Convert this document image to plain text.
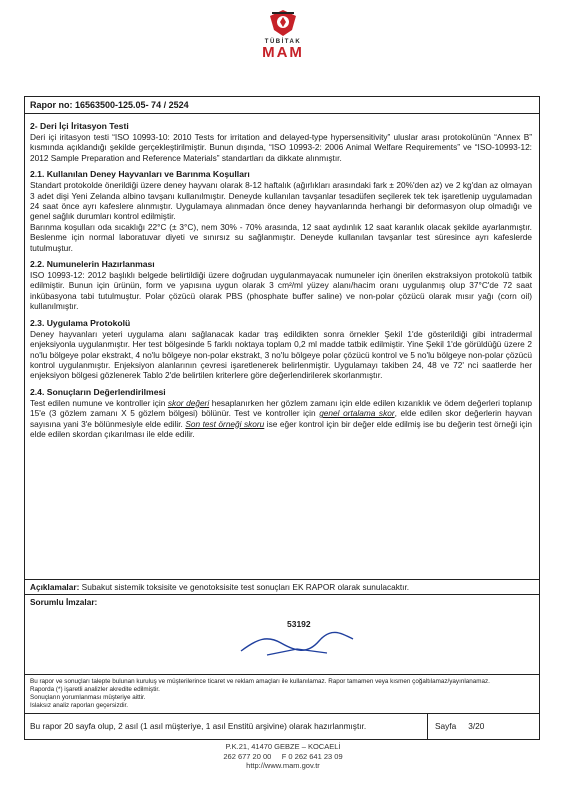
TÜBİTAK
MAM
Rapor no: 16563500-125.05- 74 / 2524
2- Deri İçi İritasyon Testi

Deri içi iritasyon testi “ISO 10993-10: 2010 Tests for irritation and delayed-type hypersensitivity” uluslar arası protokolünün “Annex B” kısmında açıklandığı şekilde gerçekleştirilmiştir. Bunun dışında, “ISO 10993-2: 2006 Animal Welfare Requirements” ve “ISO-10993-12: 2012 Sample Preparation and Reference Materials” standartları da dikkate alınmıştır.

2.1. Kullanılan Deney Hayvanları ve Barınma Koşulları

Standart protokolde önerildiği üzere deney hayvanı olarak 8-12 haftalık (ağırlıkları arasındaki fark ± 20%'den az) ve 2 kg'dan az olmayan 3 adet dişi Yeni Zelanda albino tavşanı kullanılmıştır. Deneyde kullanılan tavşanlar tesadüfen seçilerek tek tek işaretlenip uygulamadan 24 saat önce ayrı kafeslere alınmıştır. Uygulamaya alınmadan önce deney hayvanlarında herhangi bir deformasyon olup olmadığı ve genel sağlık durumları kontrol edilmiştir.

Barınma koşulları oda sıcaklığı 22°C (± 3°C), nem 30% - 70% arasında, 12 saat aydınlık 12 saat karanlık olacak şekilde ayarlanmıştır. Beslenme için normal laboratuvar diyeti ve sınırsız su sağlanmıştır. Deneyde kullanılan tavşanlar test süresince ayrı kafeslerde tutulmuştur.

2.2. Numunelerin Hazırlanması

ISO 10993-12: 2012 başlıklı belgede belirtildiği üzere doğrudan uygulanmayacak numuneler için önerilen ekstraksiyon protokolü tatbik edilmiştir. Bunun için ürünün, form ve yapısına uygun olarak 3 cm²/ml yüzey alanı/hacim oranı uygulanmış olup 37°C'de 72 saat inkübasyona tabi tutulmuştur. Polar çözücü olarak PBS (phosphate buffer saline) ve non-polar çözücü olarak mısır yağı (corn oil) kullanılmıştır.

2.3. Uygulama Protokolü

Deney hayvanları yeteri uygulama alanı sağlanacak kadar traş edildikten sonra örnekler Şekil 1'de gösterildiği gibi intradermal enjeksiyonla uygulanmıştır. Her test bölgesinde 5 farklı noktaya toplam 0,2 ml madde tatbik edilmiştir. Yine Şekil 1'de görüldüğü üzere 2 no'lu bölgeye polar ekstrakt, 4 no'lu bölgeye non-polar ekstrakt, 3 no'lu bölgeye polar çözücü kontrol ve 5 no'lu bölgeye non-polar çözücü kontrol uygulanmıştır. Enjeksiyon alanlarının çevresi işaretlenerek belirlenmiştir. Uygulamayı takiben 24, 48 ve 72' nci saatlerde her enjeksiyon bölgesi gözlenerek Tablo 2'de belirtilen kriterlere göre değerlendirilerek skorlanmıştır.

2.4. Sonuçların Değerlendirilmesi

Test edilen numune ve kontroller için skor değeri hesaplanırken her gözlem zamanı için elde edilen kızarıklık ve ödem değerleri toplanıp 15'e (3 gözlem zamanı X 5 gözlem bölgesi) bölünür. Test ve kontroller için genel ortalama skor, elde edilen skor değerlerin hayvan sayısına yani 3'e bölünmesiyle elde edilir. Son test örneği skoru ise eğer kontrol için bir değer elde edilmiş ise bu değerin test örneği için elde edilen skordan çıkarılması ile elde edilir.

Açıklamalar: Subakut sistemik toksisite ve genotoksisite test sonuçları EK RAPOR olarak sunulacaktır.
Sorumlu İmzalar:
53192

Bu rapor ve sonuçları talepte bulunan kuruluş ve müşterilerince ticaret ve reklam amaçları ile kullanılamaz. Rapor tamamen veya kısmen çoğaltılamaz/yayınlanamaz.

Raporda (*) işaretli analizler akredite edilmiştir.

Sonuçların yorumlanması müşteriye aittir.

Islaksız analiz raporları geçersizdir.

Bu rapor 20 sayfa olup, 2 asıl (1 asıl müşteriye, 1 asıl Enstitü arşivine) olarak hazırlanmıştır.	Sayfa 3/20
P.K.21, 41470 GEBZE – KOCAELİ
262 677 20 00     F 0 262 641 23 09
http://www.mam.gov.tr
